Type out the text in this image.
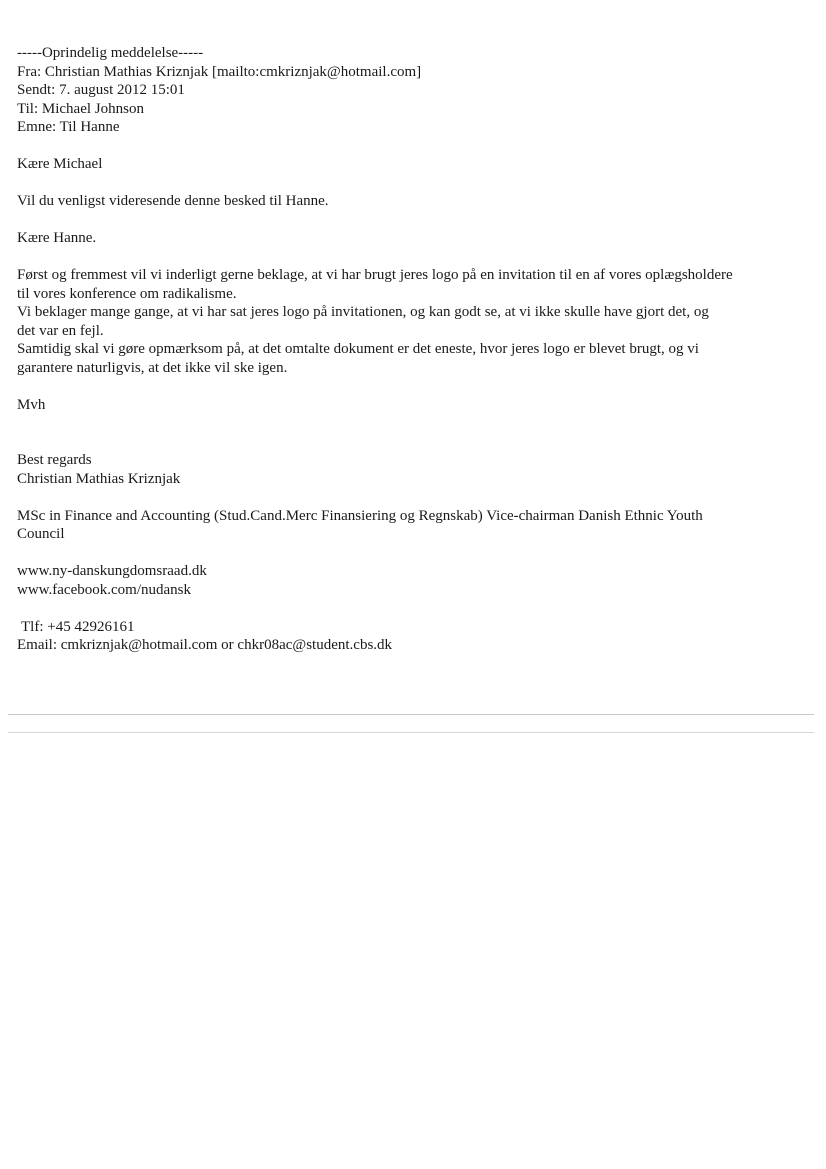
-----Oprindelig meddelelse-----
Fra: Christian Mathias Kriznjak [mailto:cmkriznjak@hotmail.com]
Sendt: 7. august 2012 15:01
Til: Michael Johnson
Emne: Til Hanne
Kære Michael
Vil du venligst videresende denne besked til Hanne.
Kære Hanne.
Først og fremmest vil vi inderligt gerne beklage, at vi har brugt jeres logo på en invitation til en af vores oplægsholdere
til vores konference om radikalisme.
Vi beklager mange gange, at vi har sat jeres logo på invitationen, og kan godt se, at vi ikke skulle have gjort det, og
det var en fejl.
Samtidig skal vi gøre opmærksom på, at det omtalte dokument er det eneste, hvor jeres logo er blevet brugt, og vi
garantere naturligvis, at det ikke vil ske igen.
Mvh
Best regards
Christian Mathias Kriznjak
MSc in Finance and Accounting (Stud.Cand.Merc Finansiering og Regnskab) Vice-chairman Danish Ethnic Youth
Council
www.ny-danskungdomsraad.dk
www.facebook.com/nudansk
Tlf: +45 42926161
Email: cmkriznjak@hotmail.com or chkr08ac@student.cbs.dk
